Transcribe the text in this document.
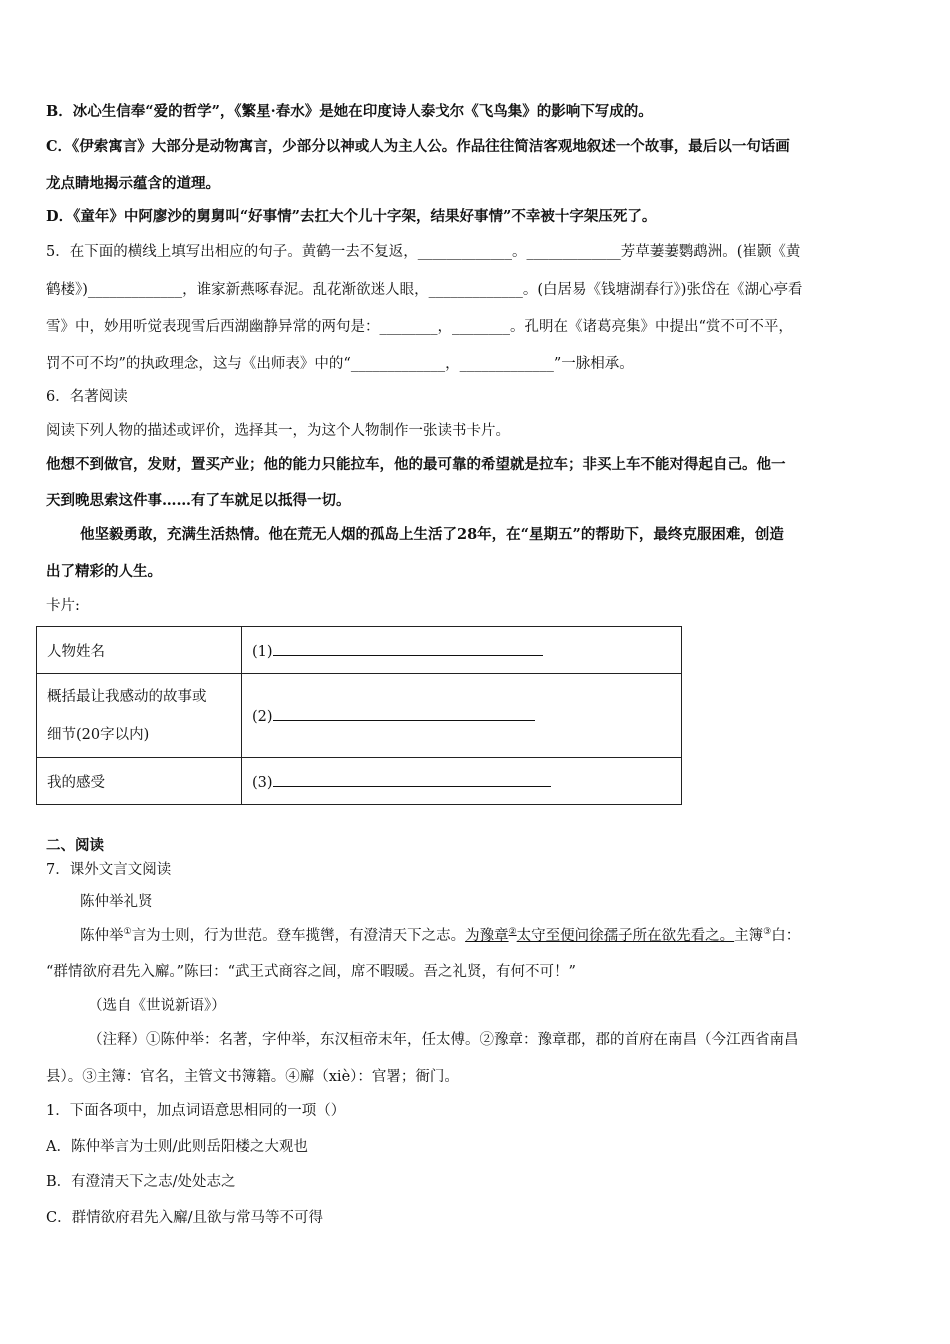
B．冰心生信奉“爱的哲学”，《繁星·春水》是她在印度诗人泰戈尔《飞鸟集》的影响下写成的。
C．《伊索寓言》大部分是动物寓言，少部分以神或人为主人公。作品往往简洁客观地叙述一个故事，最后以一句话画
龙点睛地揭示蕴含的道理。
D．《童年》中阿廖沙的舅舅叫“好事情”去扛大个儿十字架，结果好事情”不幸被十字架压死了。
5．在下面的横线上填写出相应的句子。黄鹤一去不复返，_____________。_____________芳草萋萋鹦鹉洲。(崔颢《黄
鹤楼》)_____________，谁家新燕啄春泥。乱花渐欲迷人眼，_____________。(白居易《钱塘湖春行》)张岱在《湖心亭看
雪》中，妙用听觉表现雪后西湖幽静异常的两句是：________，________。孔明在《诸葛亮集》中提出“赏不可不平，
罚不可不均”的执政理念，这与《出师表》中的“_____________，_____________”一脉相承。
6．名著阅读
阅读下列人物的描述或评价，选择其一，为这个人物制作一张读书卡片。
他想不到做官，发财，置买产业；他的能力只能拉车，他的最可靠的希望就是拉车；非买上车不能对得起自己。他一
天到晚思索这件事……有了车就足以抵得一切。
他坚毅勇敢，充满生活热情。他在荒无人烟的孤岛上生活了28年，在“星期五”的帮助下，最终克服困难，创造
出了精彩的人生。
卡片:
人物姓名	(1)
概括最让我感动的故事或
细节(20字以内)	(2)
我的感受	(3)
二、阅读
7．课外文言文阅读
陈仲举礼贤
陈仲举①言为士则，行为世范。登车揽辔，有澄清天下之志。为豫章②太守至便问徐孺子所在欲先看之。主簿③白：
“群情欲府君先入廨。”陈曰：“武王式商容之闾，席不暇暖。吾之礼贤，有何不可！”
（选自《世说新语》）
（注释）①陈仲举：名著，字仲举，东汉桓帝末年，任太傅。②豫章：豫章郡，郡的首府在南昌（今江西省南昌
县）。③主簿：官名，主管文书簿籍。④廨（xiè）：官署；衙门。
1．下面各项中，加点词语意思相同的一项（）
A．陈仲举言为士则/此则岳阳楼之大观也
B．有澄清天下之志/处处志之
C．群情欲府君先入廨/且欲与常马等不可得
